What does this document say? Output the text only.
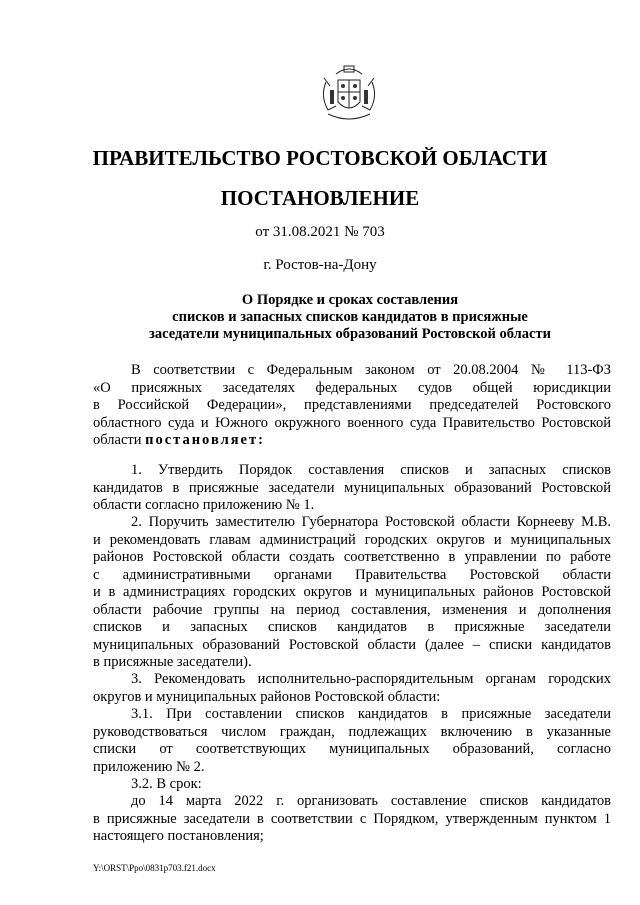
ПРАВИТЕЛЬСТВО РОСТОВСКОЙ ОБЛАСТИ
ПОСТАНОВЛЕНИЕ
от 31.08.2021 № 703
г. Ростов-на-Дону
О Порядке и сроках составления
списков и запасных списков кандидатов в присяжные
заседатели муниципальных образований Ростовской области
В соответствии с Федеральным законом от 20.08.2004 № 113-ФЗ
«О присяжных заседателях федеральных судов общей юрисдикции
в Российской Федерации», представлениями председателей Ростовского
областного суда и Южного окружного военного суда Правительство Ростовской
области постановляет:
1. Утвердить Порядок составления списков и запасных списков
кандидатов в присяжные заседатели муниципальных образований Ростовской
области согласно приложению № 1.
2. Поручить заместителю Губернатора Ростовской области Корнееву М.В.
и рекомендовать главам администраций городских округов и муниципальных
районов Ростовской области создать соответственно в управлении по работе
с административными органами Правительства Ростовской области
и в администрациях городских округов и муниципальных районов Ростовской
области рабочие группы на период составления, изменения и дополнения
списков и запасных списков кандидатов в присяжные заседатели
муниципальных образований Ростовской области (далее – списки кандидатов
в присяжные заседатели).
3. Рекомендовать исполнительно-распорядительным органам городских
округов и муниципальных районов Ростовской области:
3.1. При составлении списков кандидатов в присяжные заседатели
руководствоваться числом граждан, подлежащих включению в указанные
списки от соответствующих муниципальных образований, согласно
приложению № 2.
3.2. В срок:
до 14 марта 2022 г. организовать составление списков кандидатов
в присяжные заседатели в соответствии с Порядком, утвержденным пунктом 1
настоящего постановления;
Y:\ORST\Ppo\0831p703.f21.docx
